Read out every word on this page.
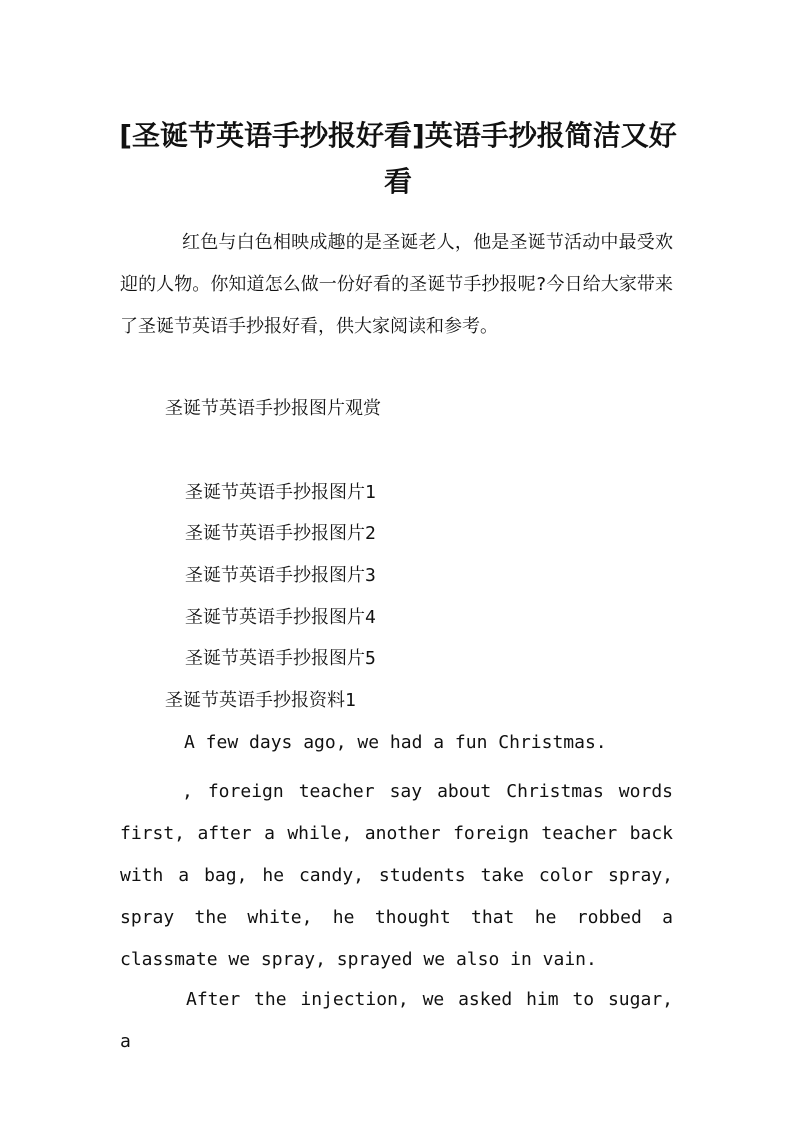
[圣诞节英语手抄报好看]英语手抄报简洁又好看

红色与白色相映成趣的是圣诞老人，他是圣诞节活动中最受欢迎的人物。你知道怎么做一份好看的圣诞节手抄报呢?今日给大家带来了圣诞节英语手抄报好看，供大家阅读和参考。

圣诞节英语手抄报图片观赏
圣诞节英语手抄报图片1
圣诞节英语手抄报图片2
圣诞节英语手抄报图片3
圣诞节英语手抄报图片4
圣诞节英语手抄报图片5
圣诞节英语手抄报资料1
A few days ago, we had a fun Christmas.

, foreign teacher say about Christmas words first, after a while, another foreign teacher back with a bag, he candy, students take color spray, spray the white, he thought that he robbed a classmate we spray, sprayed we also in vain.

After the injection, we asked him to sugar, a
